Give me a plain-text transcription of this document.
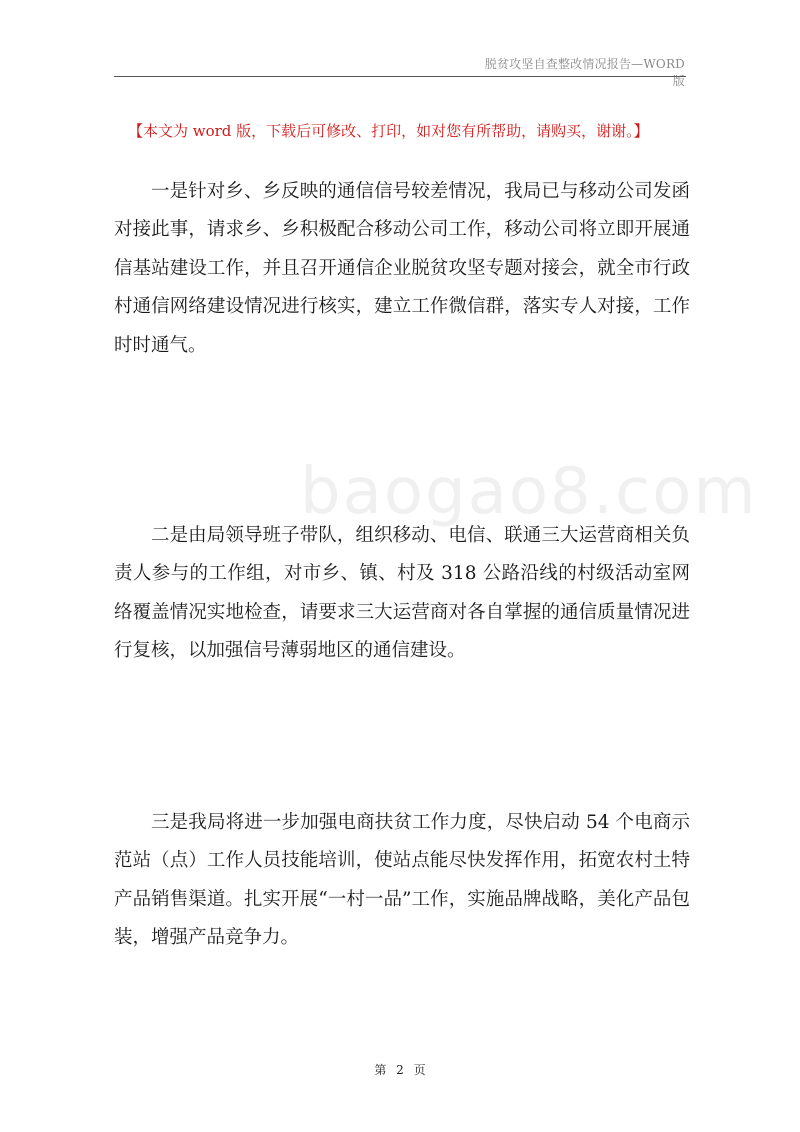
脱贫攻坚自查整改情况报告—WORD 版
【本文为 word 版，下载后可修改、打印，如对您有所帮助，请购买，谢谢。】
baogao8.com

一是针对乡、乡反映的通信信号较差情况，我局已与移动公司发函对接此事，请求乡、乡积极配合移动公司工作，移动公司将立即开展通信基站建设工作，并且召开通信企业脱贫攻坚专题对接会，就全市行政村通信网络建设情况进行核实，建立工作微信群，落实专人对接，工作时时通气。

二是由局领导班子带队，组织移动、电信、联通三大运营商相关负责人参与的工作组，对市乡、镇、村及 318 公路沿线的村级活动室网络覆盖情况实地检查，请要求三大运营商对各自掌握的通信质量情况进行复核，以加强信号薄弱地区的通信建设。

三是我局将进一步加强电商扶贫工作力度，尽快启动 54 个电商示范站（点）工作人员技能培训，使站点能尽快发挥作用，拓宽农村土特产品销售渠道。扎实开展“一村一品”工作，实施品牌战略，美化产品包装，增强产品竞争力。

第 2 页
